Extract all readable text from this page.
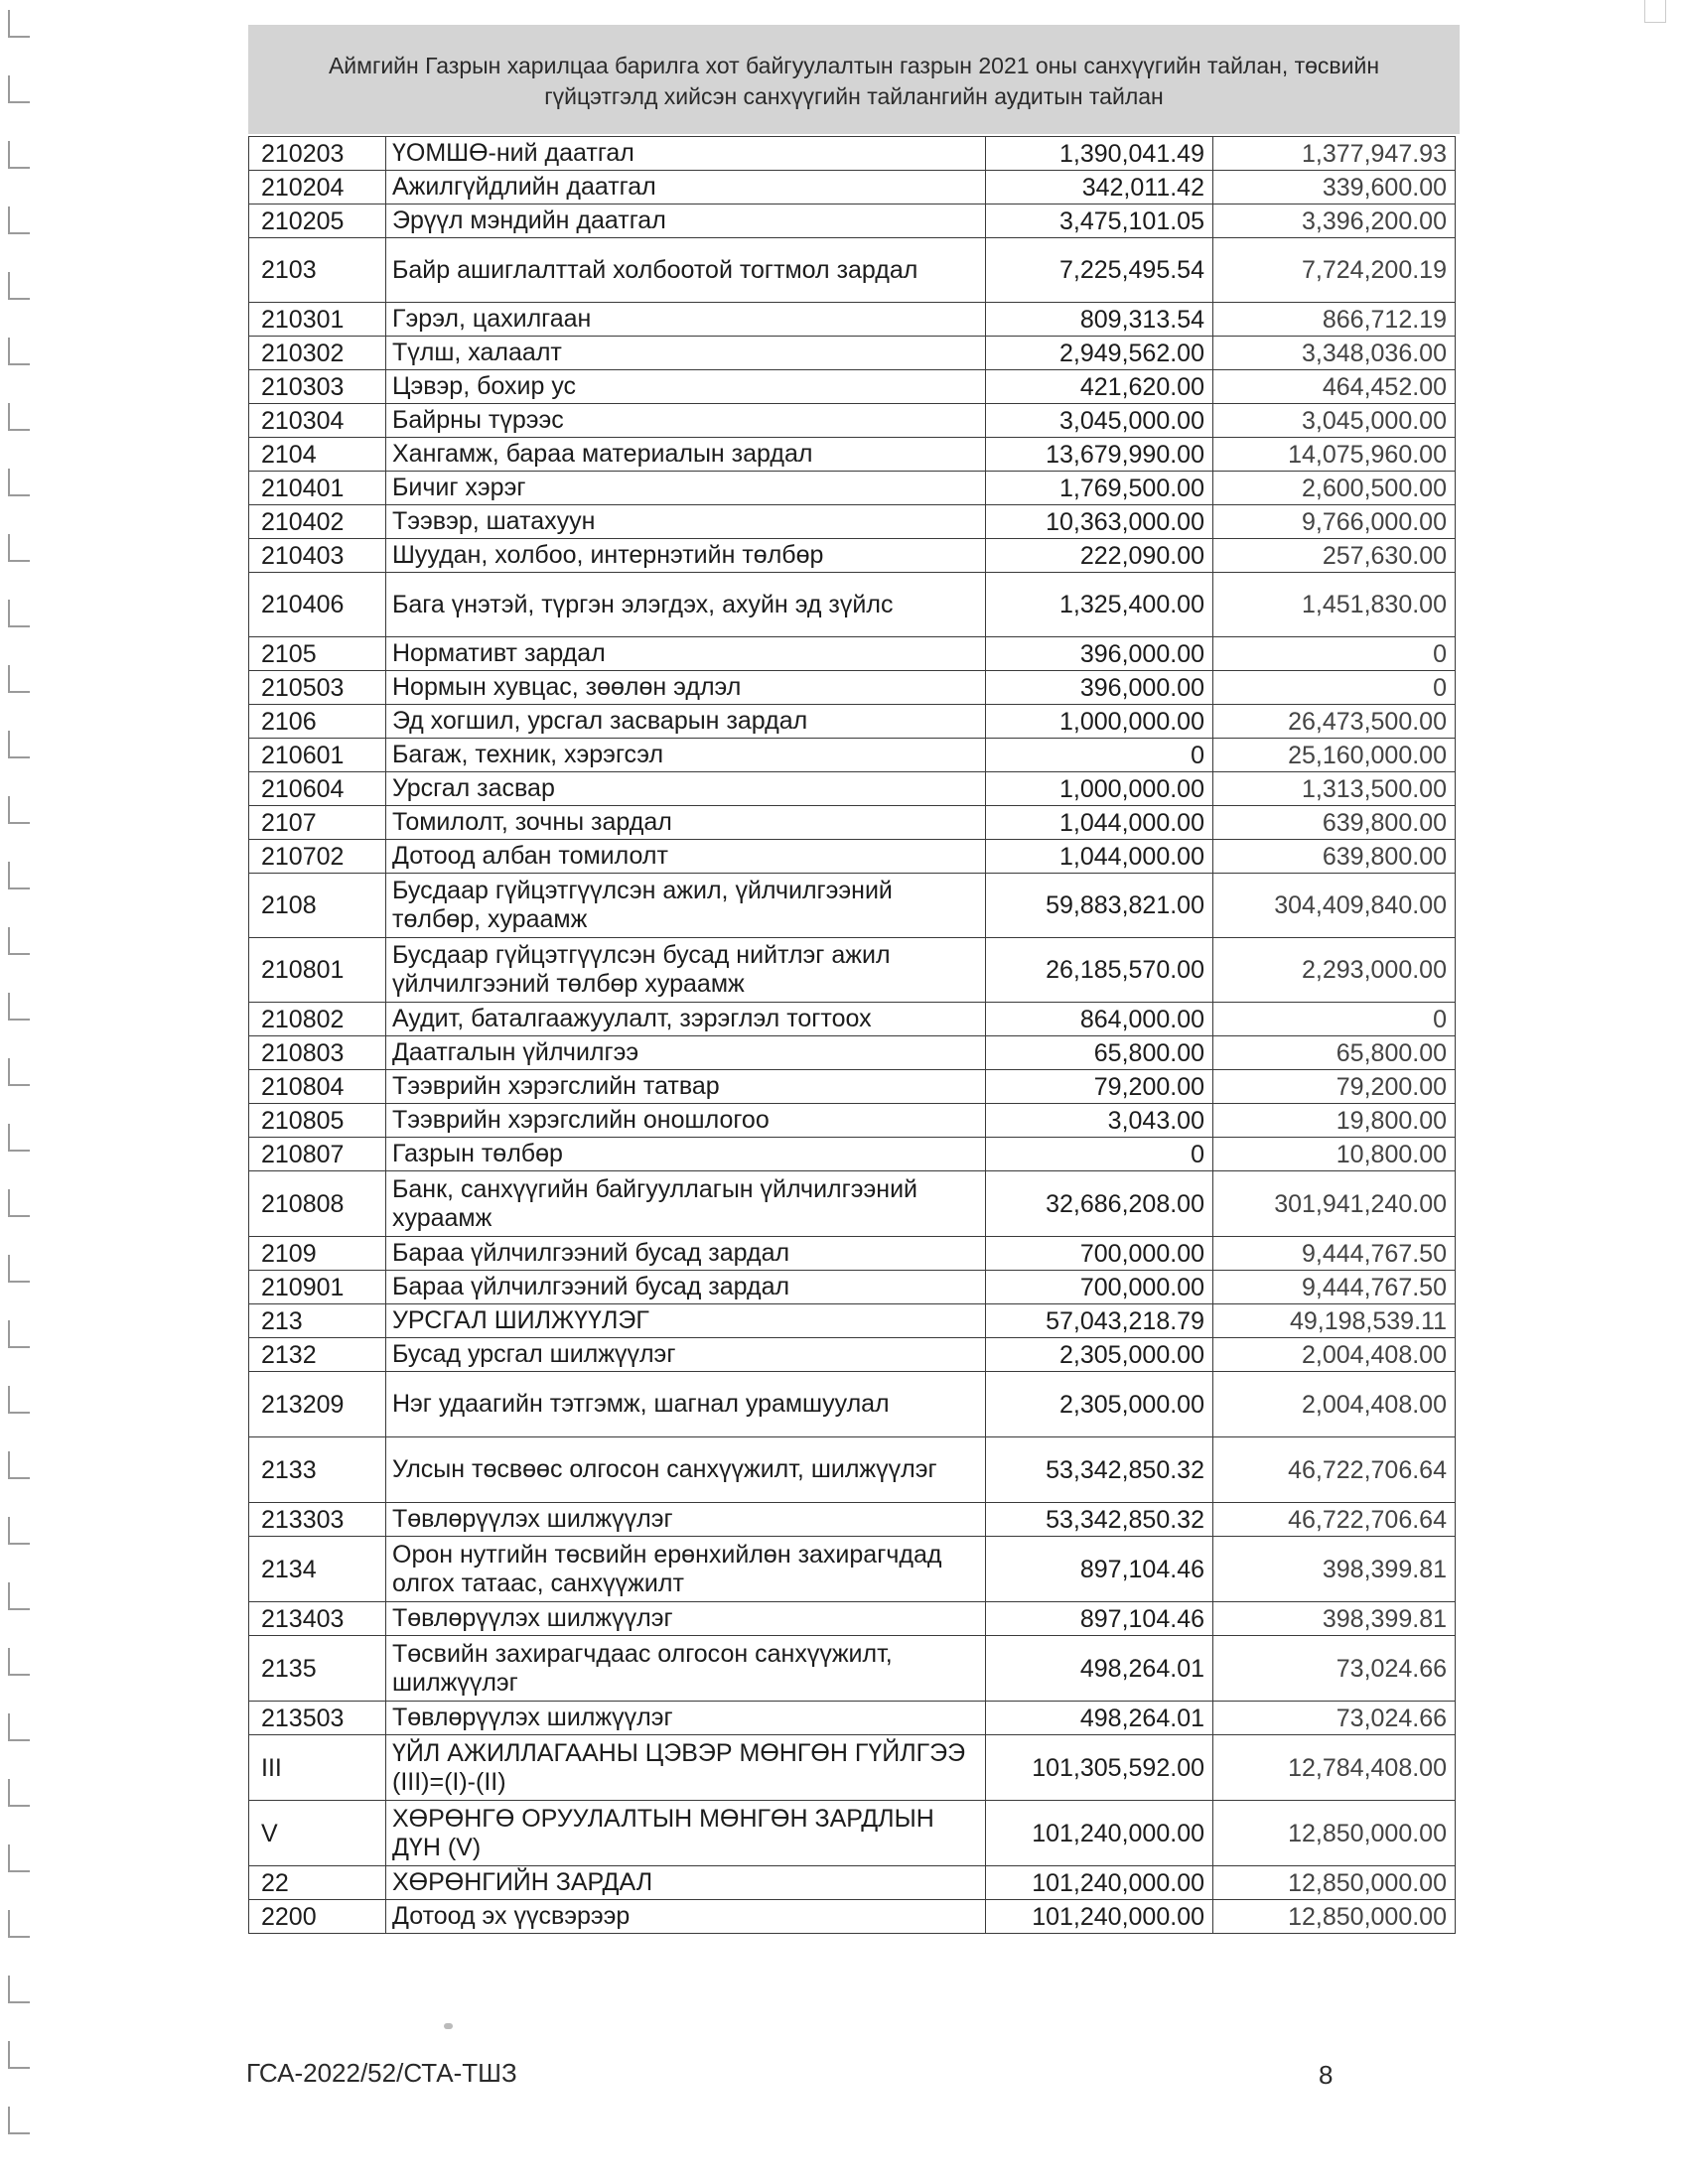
Аймгийн Газрын харилцаа барилга хот байгуулалтын газрын 2021 оны санхүүгийн тайлан, төсвийн
гүйцэтгэлд хийсэн санхүүгийн тайлангийн аудитын тайлан
210203	ҮОМШӨ-ний даатгал	1,390,041.49	1,377,947.93
210204	Ажилгүйдлийн даатгал	342,011.42	339,600.00
210205	Эрүүл мэндийн даатгал	3,475,101.05	3,396,200.00
2103	Байр ашиглалттай холбоотой тогтмол зардал	7,225,495.54	7,724,200.19
210301	Гэрэл, цахилгаан	809,313.54	866,712.19
210302	Түлш, халаалт	2,949,562.00	3,348,036.00
210303	Цэвэр, бохир ус	421,620.00	464,452.00
210304	Байрны түрээс	3,045,000.00	3,045,000.00
2104	Хангамж, бараа материалын зардал	13,679,990.00	14,075,960.00
210401	Бичиг хэрэг	1,769,500.00	2,600,500.00
210402	Тээвэр, шатахуун	10,363,000.00	9,766,000.00
210403	Шуудан, холбоо, интернэтийн төлбөр	222,090.00	257,630.00
210406	Бага үнэтэй, түргэн элэгдэх, ахуйн эд зүйлс	1,325,400.00	1,451,830.00
2105	Нормативт зардал	396,000.00	0
210503	Нормын хувцас, зөөлөн эдлэл	396,000.00	0
2106	Эд хогшил, урсгал засварын зардал	1,000,000.00	26,473,500.00
210601	Багаж, техник, хэрэгсэл	0	25,160,000.00
210604	Урсгал засвар	1,000,000.00	1,313,500.00
2107	Томилолт, зочны зардал	1,044,000.00	639,800.00
210702	Дотоод албан томилолт	1,044,000.00	639,800.00
2108	Бусдаар гүйцэтгүүлсэн ажил, үйлчилгээний төлбөр, хураамж	59,883,821.00	304,409,840.00
210801	Бусдаар гүйцэтгүүлсэн бусад нийтлэг ажил үйлчилгээний төлбөр хураамж	26,185,570.00	2,293,000.00
210802	Аудит, баталгаажуулалт, зэрэглэл тогтоох	864,000.00	0
210803	Даатгалын үйлчилгээ	65,800.00	65,800.00
210804	Тээврийн хэрэгслийн татвар	79,200.00	79,200.00
210805	Тээврийн хэрэгслийн оношлогоо	3,043.00	19,800.00
210807	Газрын төлбөр	0	10,800.00
210808	Банк, санхүүгийн байгууллагын үйлчилгээний хураамж	32,686,208.00	301,941,240.00
2109	Бараа үйлчилгээний бусад зардал	700,000.00	9,444,767.50
210901	Бараа үйлчилгээний бусад зардал	700,000.00	9,444,767.50
213	УРСГАЛ ШИЛЖҮҮЛЭГ	57,043,218.79	49,198,539.11
2132	Бусад урсгал шилжүүлэг	2,305,000.00	2,004,408.00
213209	Нэг удаагийн тэтгэмж, шагнал урамшуулал	2,305,000.00	2,004,408.00
2133	Улсын төсвөөс олгосон санхүүжилт, шилжүүлэг	53,342,850.32	46,722,706.64
213303	Төвлөрүүлэх шилжүүлэг	53,342,850.32	46,722,706.64
2134	Орон нутгийн төсвийн ерөнхийлөн захирагчдад олгох татаас, санхүүжилт	897,104.46	398,399.81
213403	Төвлөрүүлэх шилжүүлэг	897,104.46	398,399.81
2135	Төсвийн захирагчдаас олгосон санхүүжилт, шилжүүлэг	498,264.01	73,024.66
213503	Төвлөрүүлэх шилжүүлэг	498,264.01	73,024.66
III	ҮЙЛ АЖИЛЛАГААНЫ ЦЭВЭР МӨНГӨН ГҮЙЛГЭЭ (III)=(I)-(II)	101,305,592.00	12,784,408.00
V	ХӨРӨНГӨ ОРУУЛАЛТЫН МӨНГӨН ЗАРДЛЫН ДҮН (V)	101,240,000.00	12,850,000.00
22	ХӨРӨНГИЙН ЗАРДАЛ	101,240,000.00	12,850,000.00
2200	Дотоод эх үүсвэрээр	101,240,000.00	12,850,000.00
ГСА-2022/52/СТА-ТШЗ	8
